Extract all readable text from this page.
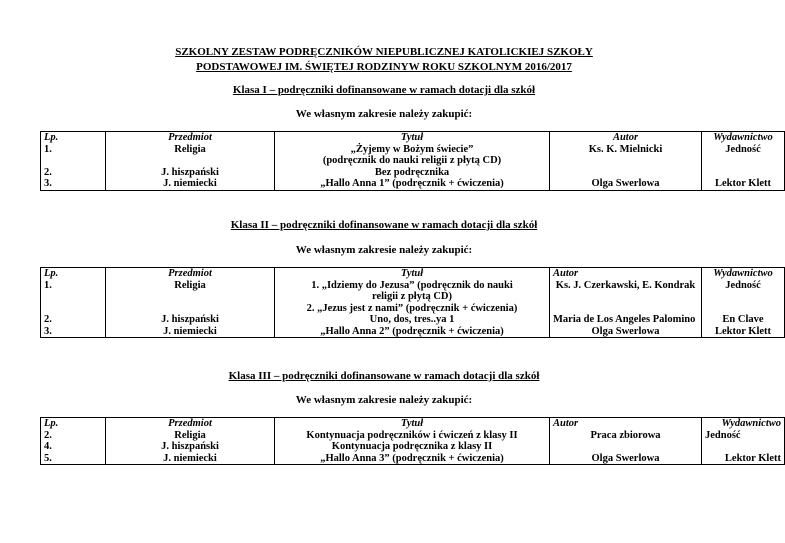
SZKOLNY ZESTAW PODRĘCZNIKÓW NIEPUBLICZNEJ KATOLICKIEJ SZKOŁY
PODSTAWOWEJ IM. ŚWIĘTEJ RODZINYW ROKU SZKOLNYM 2016/2017
Klasa I – podręczniki dofinansowane w ramach dotacji dla szkół
We własnym zakresie należy zakupić:
Lp.	Przedmiot	Tytuł	Autor	Wydawnictwo
1.	Religia	„Żyjemy w Bożym świecie”	Ks. K. Mielnicki	Jedność
		(podręcznik do nauki religii z płytą CD)		
2.	J. hiszpański	Bez podręcznika		
3.	J. niemiecki	„Hallo Anna 1” (podręcznik + ćwiczenia)	Olga Swerlowa	Lektor Klett
Klasa II – podręczniki dofinansowane w ramach dotacji dla szkół
We własnym zakresie należy zakupić:
Lp.	Przedmiot	Tytuł	Autor	Wydawnictwo
1.	Religia	1. „Idziemy do Jezusa” (podręcznik do nauki	Ks. J. Czerkawski, E. Kondrak	Jedność
		religii z płytą CD)		
		2. „Jezus jest z nami” (podręcznik + ćwiczenia)		
2.	J. hiszpański	Uno, dos, tres..ya 1	Maria de Los Angeles Palomino	En Clave
3.	J. niemiecki	„Hallo Anna 2” (podręcznik + ćwiczenia)	Olga Swerlowa	Lektor Klett
Klasa III – podręczniki dofinansowane w ramach dotacji dla szkół
We własnym zakresie należy zakupić:
Lp.	Przedmiot	Tytuł	Autor	Wydawnictwo
2.	Religia	Kontynuacja podręczników i ćwiczeń z klasy II	Praca zbiorowa	Jedność
4.	J. hiszpański	Kontynuacja podręcznika z klasy II		
5.	J. niemiecki	„Hallo Anna 3” (podręcznik + ćwiczenia)	Olga Swerlowa	Lektor Klett
